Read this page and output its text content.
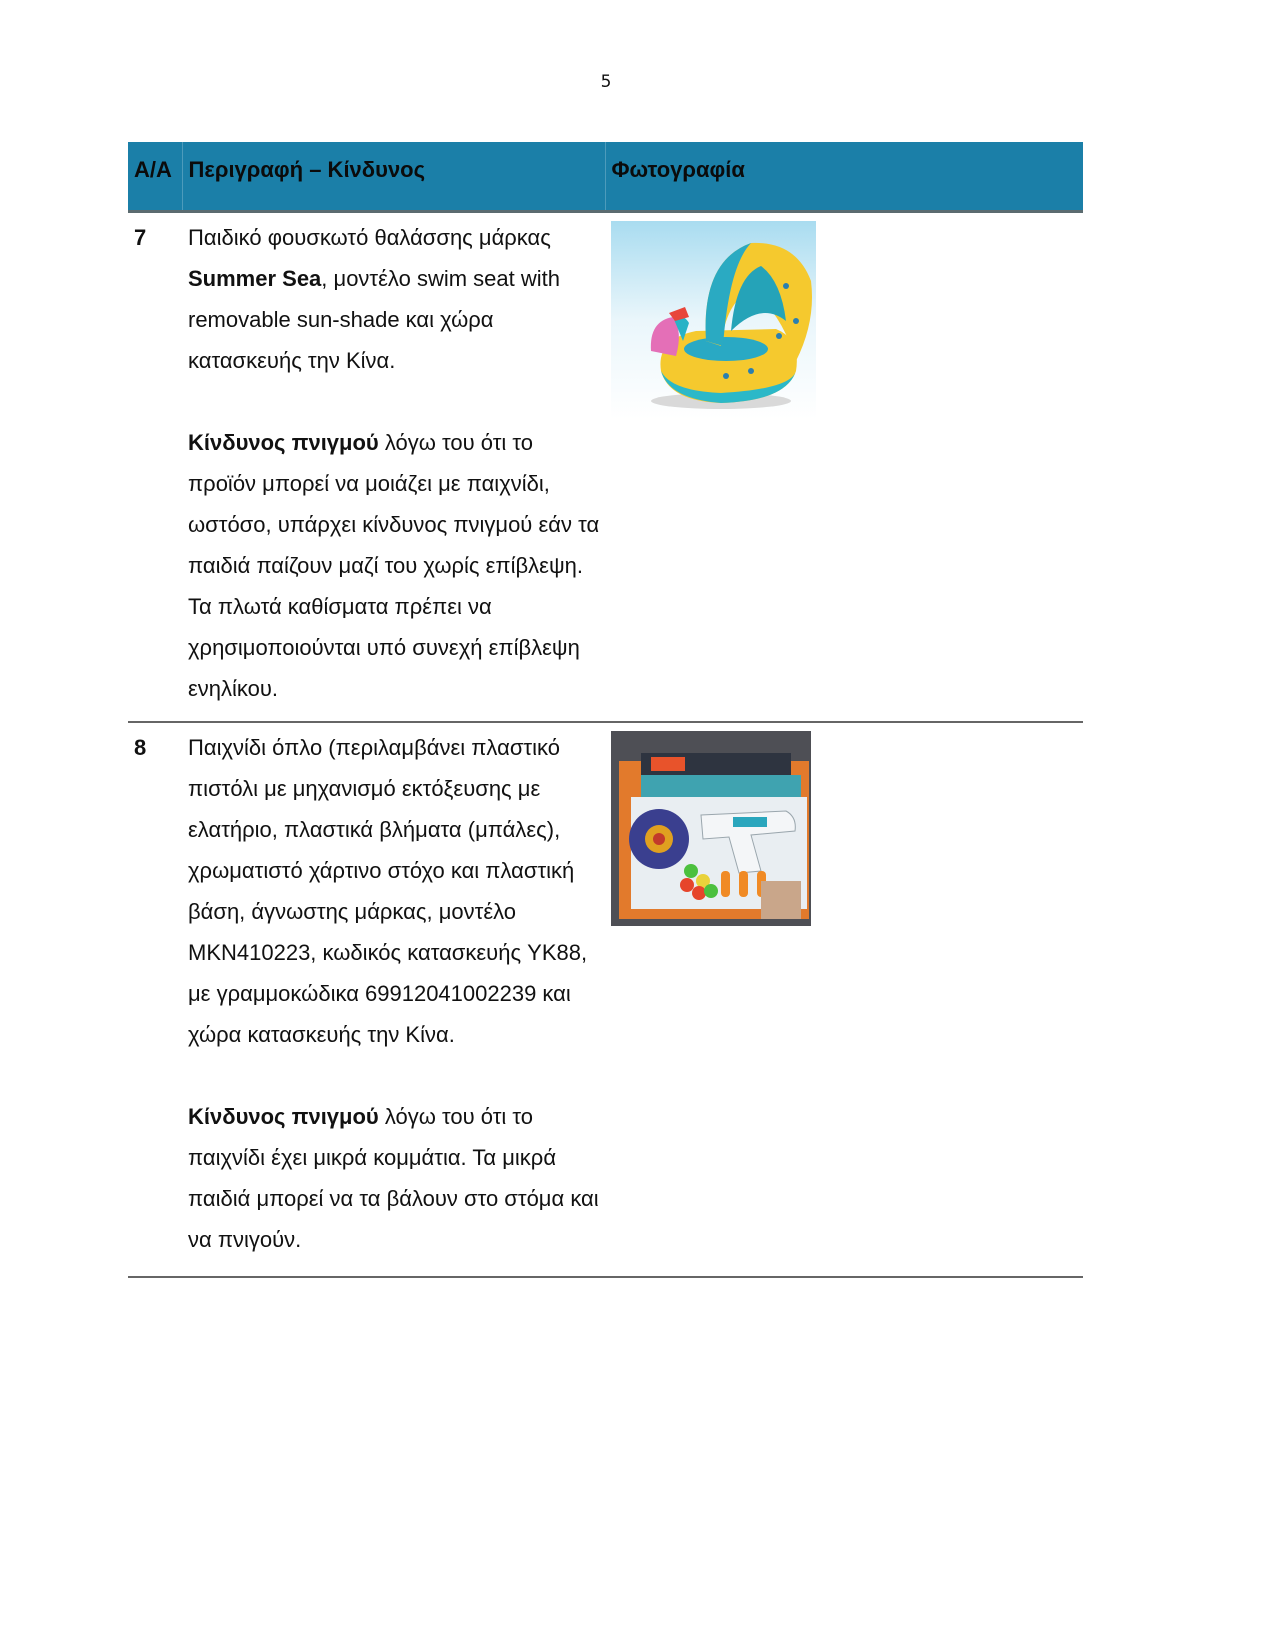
5
Α/Α	Περιγραφή – Κίνδυνος	Φωτογραφία
7	Παιδικό φουσκωτό θαλάσσης μάρκας Summer Sea, μοντέλο swim seat with removable sun-shade και χώρα κατασκευής την Κίνα.

Κίνδυνος πνιγμού λόγω του ότι το προϊόν μπορεί να μοιάζει με παιχνίδι, ωστόσο, υπάρχει κίνδυνος πνιγμού εάν τα παιδιά παίζουν μαζί του χωρίς επίβλεψη. Τα πλωτά καθίσματα πρέπει να χρησιμοποιούνται υπό συνεχή επίβλεψη ενηλίκου.

8	Παιχνίδι όπλο (περιλαμβάνει πλαστικό πιστόλι με μηχανισμό εκτόξευσης με ελατήριο, πλαστικά βλήματα (μπάλες), χρωματιστό χάρτινο στόχο και πλαστική βάση, άγνωστης μάρκας, μοντέλο MKN410223, κωδικός κατασκευής YK88, με γραμμοκώδικα 69912041002239 και χώρα κατασκευής την Κίνα.

Κίνδυνος πνιγμού λόγω του ότι το παιχνίδι έχει μικρά κομμάτια. Τα μικρά παιδιά μπορεί να τα βάλουν στο στόμα και να πνιγούν.
